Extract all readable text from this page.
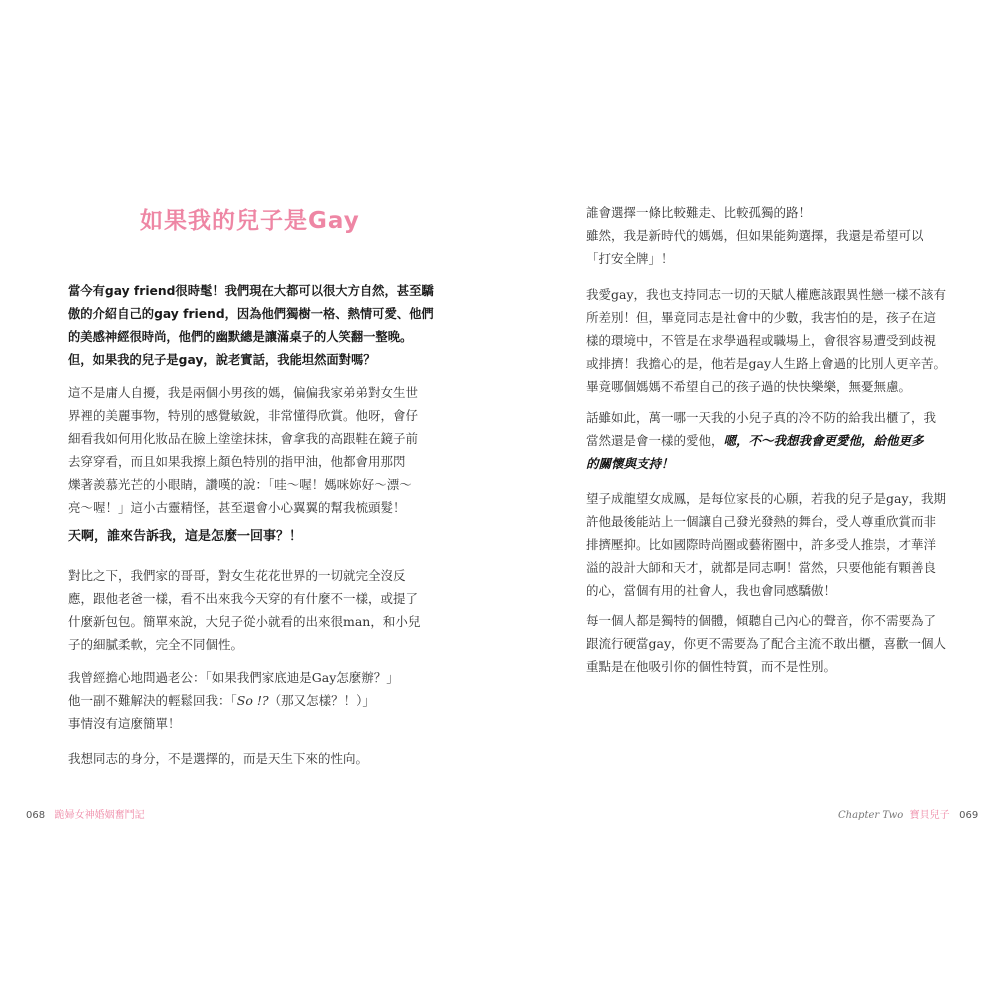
如果我的兒子是Gay
當今有gay friend很時髦！我們現在大都可以很大方自然，甚至驕
傲的介紹自己的gay friend，因為他們獨樹一格、熱情可愛、他們
的美感神經很時尚，他們的幽默總是讓滿桌子的人笑翻一整晚。
但，如果我的兒子是gay，說老實話，我能坦然面對嗎？
這不是庸人自擾，我是兩個小男孩的媽，偏偏我家弟弟對女生世
界裡的美麗事物，特別的感覺敏銳，非常懂得欣賞。他呀，會仔
細看我如何用化妝品在臉上塗塗抹抹，會拿我的高跟鞋在鏡子前
去穿穿看，而且如果我擦上顏色特別的指甲油，他都會用那閃
爍著羨慕光芒的小眼睛，讚嘆的說：「哇～喔！媽咪妳好～漂～
亮～喔！」這小古靈精怪，甚至還會小心翼翼的幫我梳頭髮！
天啊，誰來告訴我，這是怎麼一回事？！
對比之下，我們家的哥哥，對女生花花世界的一切就完全沒反
應，跟他老爸一樣，看不出來我今天穿的有什麼不一樣，或提了
什麼新包包。簡單來說，大兒子從小就看的出來很man，和小兒
子的細膩柔軟，完全不同個性。
我曾經擔心地問過老公：「如果我們家底迪是Gay怎麼辦？」
他一副不難解決的輕鬆回我：「So !?（那又怎樣？！）」
事情沒有這麼簡單！
我想同志的身分，不是選擇的，而是天生下來的性向。
068 跪婦女神婚姻奮鬥記
誰會選擇一條比較難走、比較孤獨的路！
雖然，我是新時代的媽媽，但如果能夠選擇，我還是希望可以
「打安全牌」！
我愛gay，我也支持同志一切的天賦人權應該跟異性戀一樣不該有
所差別！但，畢竟同志是社會中的少數，我害怕的是，孩子在這
樣的環境中，不管是在求學過程或職場上，會很容易遭受到歧視
或排擠！我擔心的是，他若是gay人生路上會過的比別人更辛苦。
畢竟哪個媽媽不希望自己的孩子過的快快樂樂，無憂無慮。
話雖如此，萬一哪一天我的小兒子真的冷不防的給我出櫃了，我
當然還是會一樣的愛他，嗯，不～我想我會更愛他，給他更多
的關懷與支持！
望子成龍望女成鳳，是每位家長的心願，若我的兒子是gay，我期
許他最後能站上一個讓自己發光發熱的舞台，受人尊重欣賞而非
排擠壓抑。比如國際時尚圈或藝術圈中，許多受人推崇，才華洋
溢的設計大師和天才，就都是同志啊！當然，只要他能有顆善良
的心，當個有用的社會人，我也會同感驕傲！
每一個人都是獨特的個體，傾聽自己內心的聲音，你不需要為了
跟流行硬當gay，你更不需要為了配合主流不敢出櫃，喜歡一個人
重點是在他吸引你的個性特質，而不是性別。
Chapter Two 寶貝兒子 069
